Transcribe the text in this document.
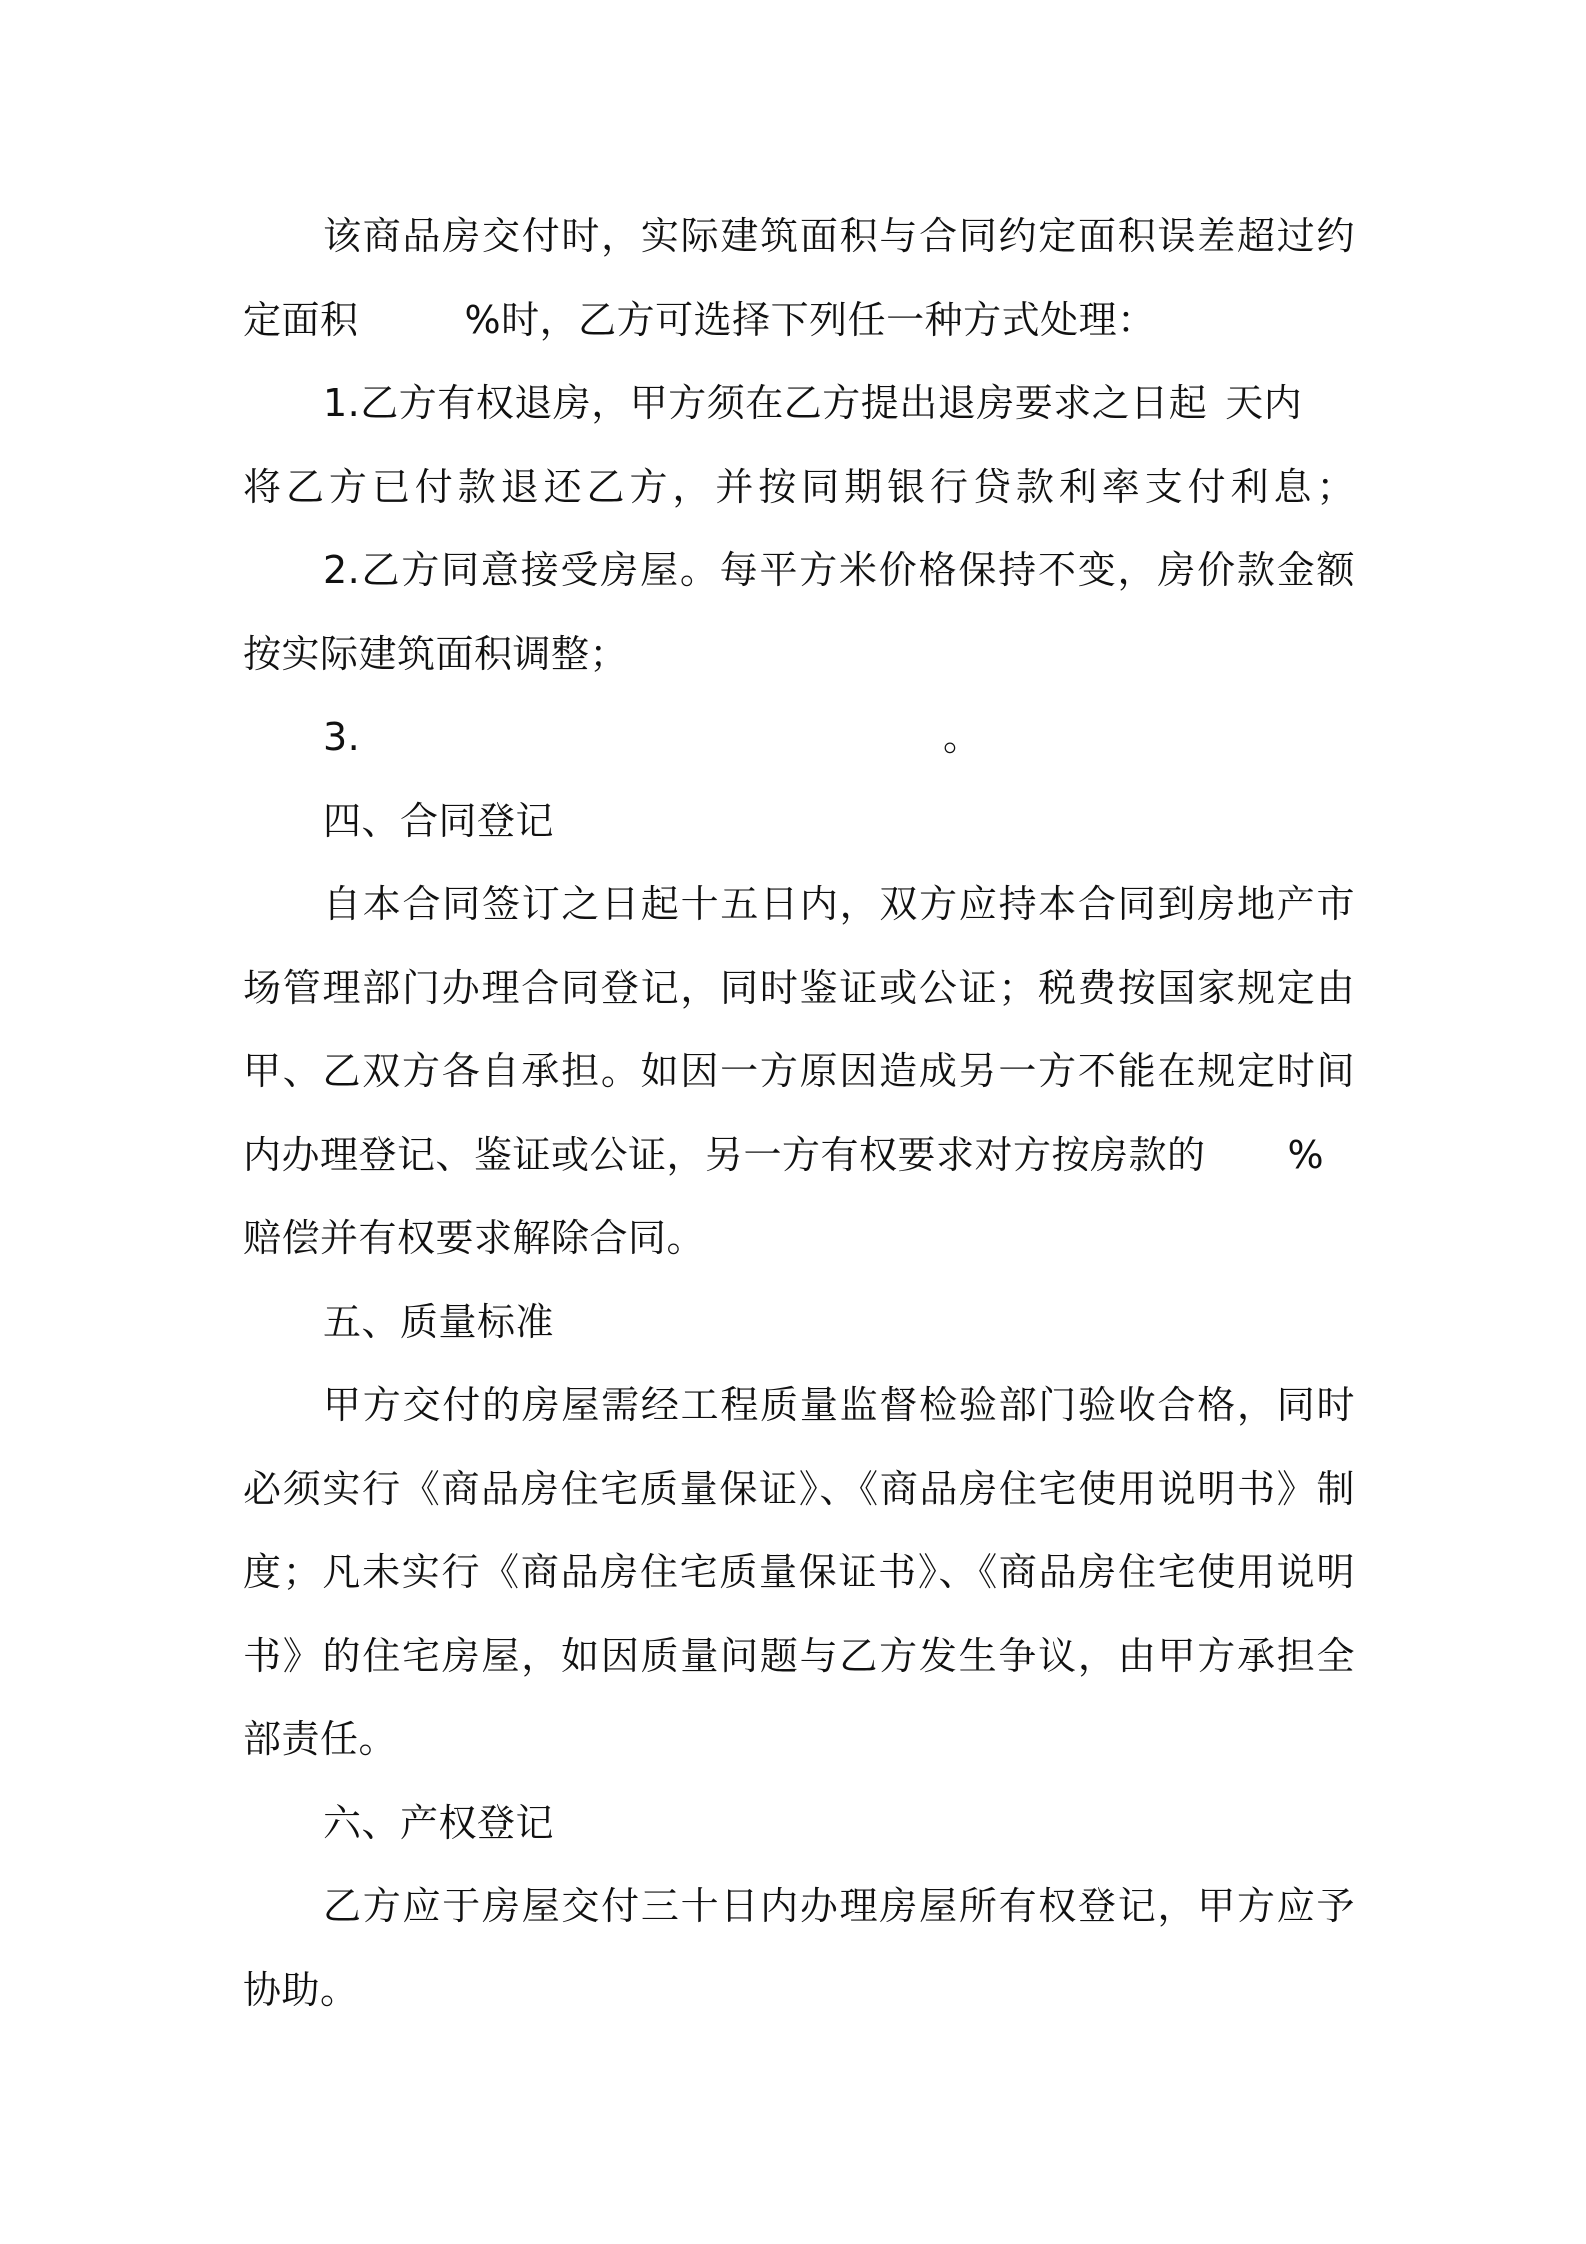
该商品房交付时，实际建筑面积与合同约定面积误差超过约
定面积	%时，乙方可选择下列任一种方式处理：
1.乙方有权退房，甲方须在乙方提出退房要求之日起 天内
将乙方已付款退还乙方，并按同期银行贷款利率支付利息；
2.乙方同意接受房屋。每平方米价格保持不变，房价款金额
按实际建筑面积调整；
3.	。
四、合同登记
自本合同签订之日起十五日内，双方应持本合同到房地产市
场管理部门办理合同登记，同时鉴证或公证；税费按国家规定由
甲、乙双方各自承担。如因一方原因造成另一方不能在规定时间
内办理登记、鉴证或公证，另一方有权要求对方按房款的 %
赔偿并有权要求解除合同。
五、质量标准
甲方交付的房屋需经工程质量监督检验部门验收合格，同时
必须实行《商品房住宅质量保证》、《商品房住宅使用说明书》制
度；凡未实行《商品房住宅质量保证书》、《商品房住宅使用说明
书》的住宅房屋，如因质量问题与乙方发生争议，由甲方承担全
部责任。
六、产权登记
乙方应于房屋交付三十日内办理房屋所有权登记，甲方应予
协助。
